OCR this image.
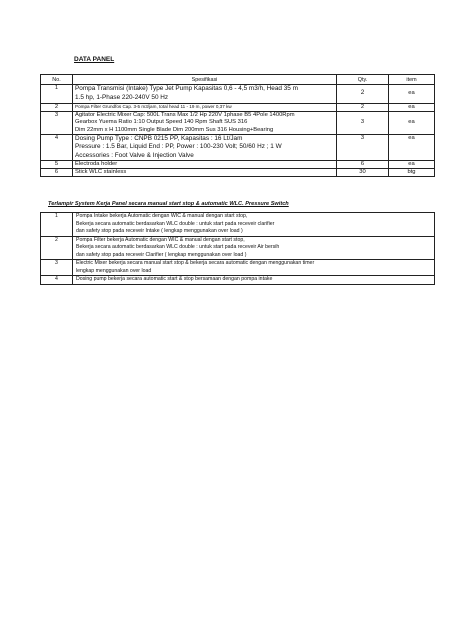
DATA PANEL
No.	Spesifikasi	Qty.	item
1	Pompa Transmisi (Intake) Type Jet Pump Kapasitas 0,6 - 4,5 m3/h, Head 35 m
1.5 hp, 1-Phase 220-240V 50 Hz	2	ea
2	Pompa Filter Grundfos Cap. 3-5 m3/jam, total head 11 - 19 m, power 0,37 kw	2	ea
3	Agitator Electric Mixer Cap: 500L Trans Max 1/2 Hp 220V 1phase B5 4Pole 1400Rpm
Gearbox Yuema Ratio 1:10 Output Speed 140 Rpm Shaft SUS 316
Dim 22mm x H 1100mm Single Blade Dim 200mm Sus 316 Housing+Bearing	3	ea
4	Dosing Pump Type : CNPB 0215 PP, Kapasitas : 16 Lt/Jam
Pressure : 1.5 Bar, Liquid End : PP, Power : 100-230 Volt; 50/60 Hz ; 1 W
Accessories : Foot Valve & Injection Valve	3	ea
5	Electroda holder	6	ea
6	Stick WLC stainless	30	btg
Terlampir System Kerja Panel secara manual start stop & automatic WLC. Pressure Switch
1	Pompa Intake bekerja Automatic dengan WIC & manual dengan start stop,
Bekerja secara automatic berdasarkan WLC double : untuk start pada receveir clarifier
dan safety stop pada receveir Intake ( lengkap menggunakan over load )

2	Pompa Filter bekerja Automatic dengan WIC & manual dengan start stop,
Bekerja secara automatic berdasarkan WLC double : untuk start pada receveir Air bersih
dan safety stop pada receveir Clarifier ( lengkap menggunakan over load )

3	Electric Mixer bekerja secara manual start stop & bekerja secara automatic dengan menggunakan timer
lengkap menggunakan over load

4	Dosing pump bekerja secara automatic start & stop bersamaan dengan pompa intake
